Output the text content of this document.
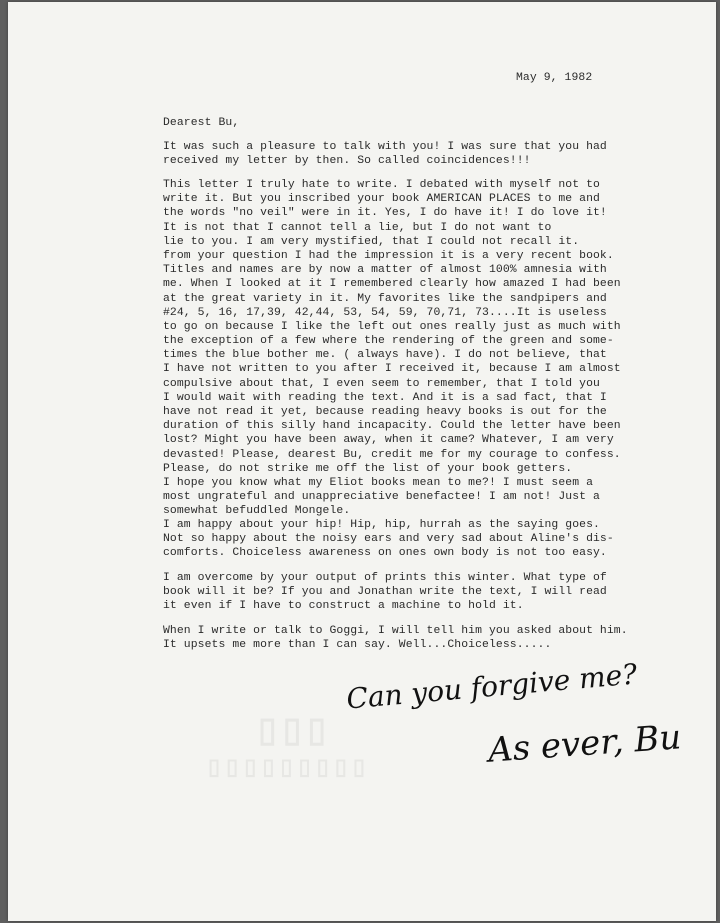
▯▯▯
▯▯▯▯▯▯▯▯▯
May 9, 1982
Dearest Bu,
It was such a pleasure to talk with you! I was sure that you had
received my letter by then. So called coincidences!!!
This letter I truly hate to write. I debated with myself not to
write it. But you inscribed your book AMERICAN PLACES to me and
the words "no veil" were in it. Yes, I do have it! I do love it!
It is not that I cannot tell a lie, but I do not want to
lie to you. I am very mystified, that I could not recall it.
from your question I had the impression it is a very recent book.
Titles and names are by now a matter of almost 100% amnesia with
me. When I looked at it I remembered clearly how amazed I had been
at the great variety in it. My favorites like the sandpipers and
#24, 5, 16, 17,39, 42,44, 53, 54, 59, 70,71, 73....It is useless
to go on because I like the left out ones really just as much with
the exception of a few where the rendering of the green and some-
times the blue bother me. ( always have). I do not believe, that
I have not written to you after I received it, because I am almost
compulsive about that, I even seem to remember, that I told you
I would wait with reading the text. And it is a sad fact, that I
have not read it yet, because reading heavy books is out for the
duration of this silly hand incapacity. Could the letter have been
lost? Might you have been away, when it came? Whatever, I am very
devasted! Please, dearest Bu, credit me for my courage to confess.
Please, do not strike me off the list of your book getters.
I hope you know what my Eliot books mean to me?! I must seem a
most ungrateful and unappreciative benefactee! I am not! Just a
somewhat befuddled Mongele.
I am happy about your hip! Hip, hip, hurrah as the saying goes.
Not so happy about the noisy ears and very sad about Aline's dis-
comforts. Choiceless awareness on ones own body is not too easy.
I am overcome by your output of prints this winter. What type of
book will it be? If you and Jonathan write the text, I will read
it even if I have to construct a machine to hold it.
When I write or talk to Goggi, I will tell him you asked about him.
It upsets me more than I can say. Well...Choiceless.....
Can you forgive me?
As ever, Bu
